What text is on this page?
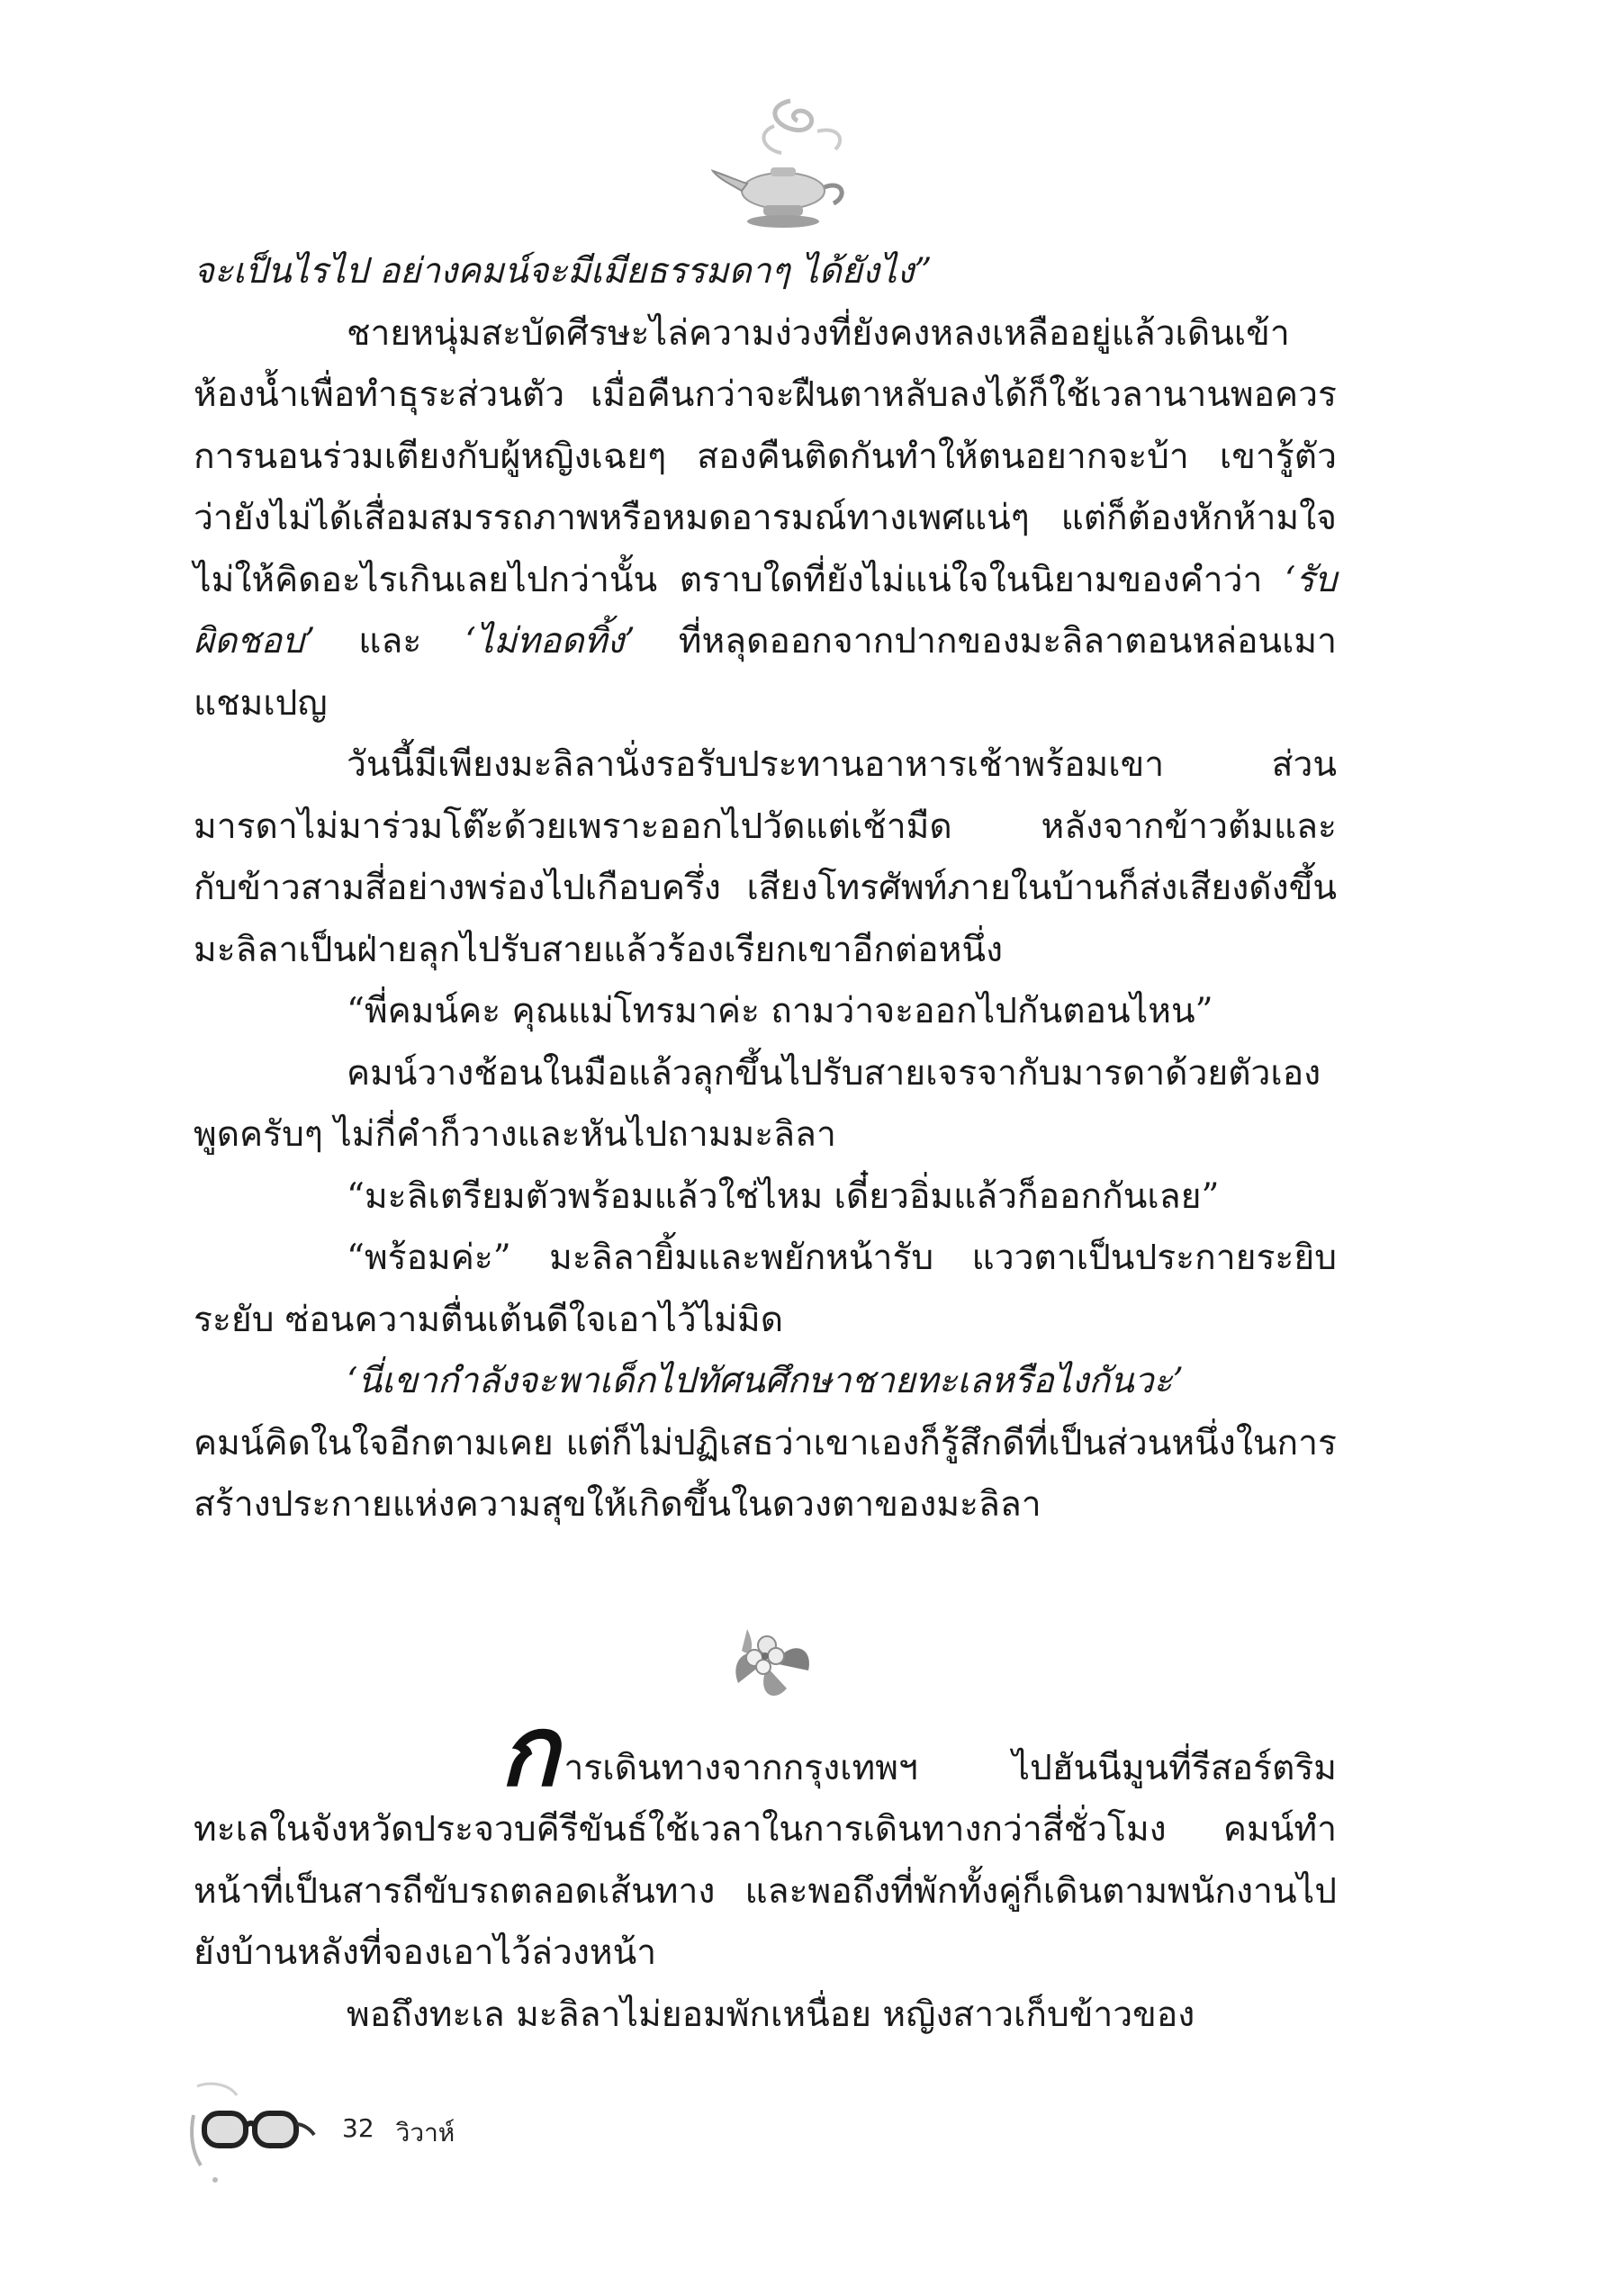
จะเป็นไรไป อย่างคมน์จะมีเมียธรรมดาๆ ได้ยังไง”

ชายหนุ่มสะบัดศีรษะไล่ความง่วงที่ยังคงหลงเหลืออยู่แล้วเดินเข้าห้องน้ำเพื่อทำธุระส่วนตัว เมื่อคืนกว่าจะฝืนตาหลับลงได้ก็ใช้เวลานานพอควร การนอนร่วมเตียงกับผู้หญิงเฉยๆ สองคืนติดกันทำให้ตนอยากจะบ้า เขารู้ตัวว่ายังไม่ได้เสื่อมสมรรถภาพหรือหมดอารมณ์ทางเพศแน่ๆ แต่ก็ต้องหักห้ามใจไม่ให้คิดอะไรเกินเลยไปกว่านั้น ตราบใดที่ยังไม่แน่ใจในนิยามของคำว่า ‘รับผิดชอบ’ และ ‘ไม่ทอดทิ้ง’ ที่หลุดออกจากปากของมะลิลาตอนหล่อนเมาแชมเปญ

วันนี้มีเพียงมะลิลานั่งรอรับประทานอาหารเช้าพร้อมเขา ส่วนมารดาไม่มาร่วมโต๊ะด้วยเพราะออกไปวัดแต่เช้ามืด หลังจากข้าวต้มและกับข้าวสามสี่อย่างพร่องไปเกือบครึ่ง เสียงโทรศัพท์ภายในบ้านก็ส่งเสียงดังขึ้น มะลิลาเป็นฝ่ายลุกไปรับสายแล้วร้องเรียกเขาอีกต่อหนึ่ง

“พี่คมน์คะ คุณแม่โทรมาค่ะ ถามว่าจะออกไปกันตอนไหน”

คมน์วางช้อนในมือแล้วลุกขึ้นไปรับสายเจรจากับมารดาด้วยตัวเอง พูดครับๆ ไม่กี่คำก็วางและหันไปถามมะลิลา

“มะลิเตรียมตัวพร้อมแล้วใช่ไหม เดี๋ยวอิ่มแล้วก็ออกกันเลย”

“พร้อมค่ะ” มะลิลายิ้มและพยักหน้ารับ แววตาเป็นประกายระยิบระยับ ซ่อนความตื่นเต้นดีใจเอาไว้ไม่มิด

‘นี่เขากำลังจะพาเด็กไปทัศนศึกษาชายทะเลหรือไงกันวะ’

คมน์คิดในใจอีกตามเคย แต่ก็ไม่ปฏิเสธว่าเขาเองก็รู้สึกดีที่เป็นส่วนหนึ่งในการสร้างประกายแห่งความสุขให้เกิดขึ้นในดวงตาของมะลิลา

การเดินทางจากกรุงเทพฯ ไปฮันนีมูนที่รีสอร์ตริมทะเลในจังหวัดประจวบคีรีขันธ์ใช้เวลาในการเดินทางกว่าสี่ชั่วโมง คมน์ทำหน้าที่เป็นสารถีขับรถตลอดเส้นทาง และพอถึงที่พักทั้งคู่ก็เดินตามพนักงานไปยังบ้านหลังที่จองเอาไว้ล่วงหน้า

พอถึงทะเล มะลิลาไม่ยอมพักเหนื่อย หญิงสาวเก็บข้าวของ

32 วิวาห์
